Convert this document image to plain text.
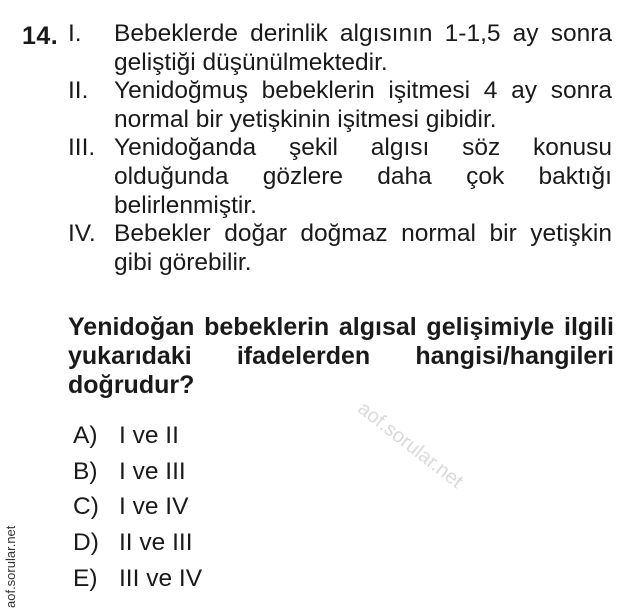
14. I.	Bebeklerde derinlik algısının 1-1,5 ay sonra geliştiği düşünülmektedir.
II.	Yenidoğmuş bebeklerin işitmesi 4 ay sonra normal bir yetişkinin işitmesi gibidir.
III. Yenidoğanda şekil algısı söz konusu olduğunda gözlere daha çok baktığı belirlenmiştir.
IV. Bebekler doğar doğmaz normal bir yetişkin gibi görebilir.
Yenidoğan bebeklerin algısal gelişimiyle ilgili
yukarıdaki ifadelerden hangisi/hangileri
doğrudur?
A) I ve II
B) I ve III
C) I ve IV
D) II ve III
E) III ve IV
aof.sorular.net
aof.sorular.net
